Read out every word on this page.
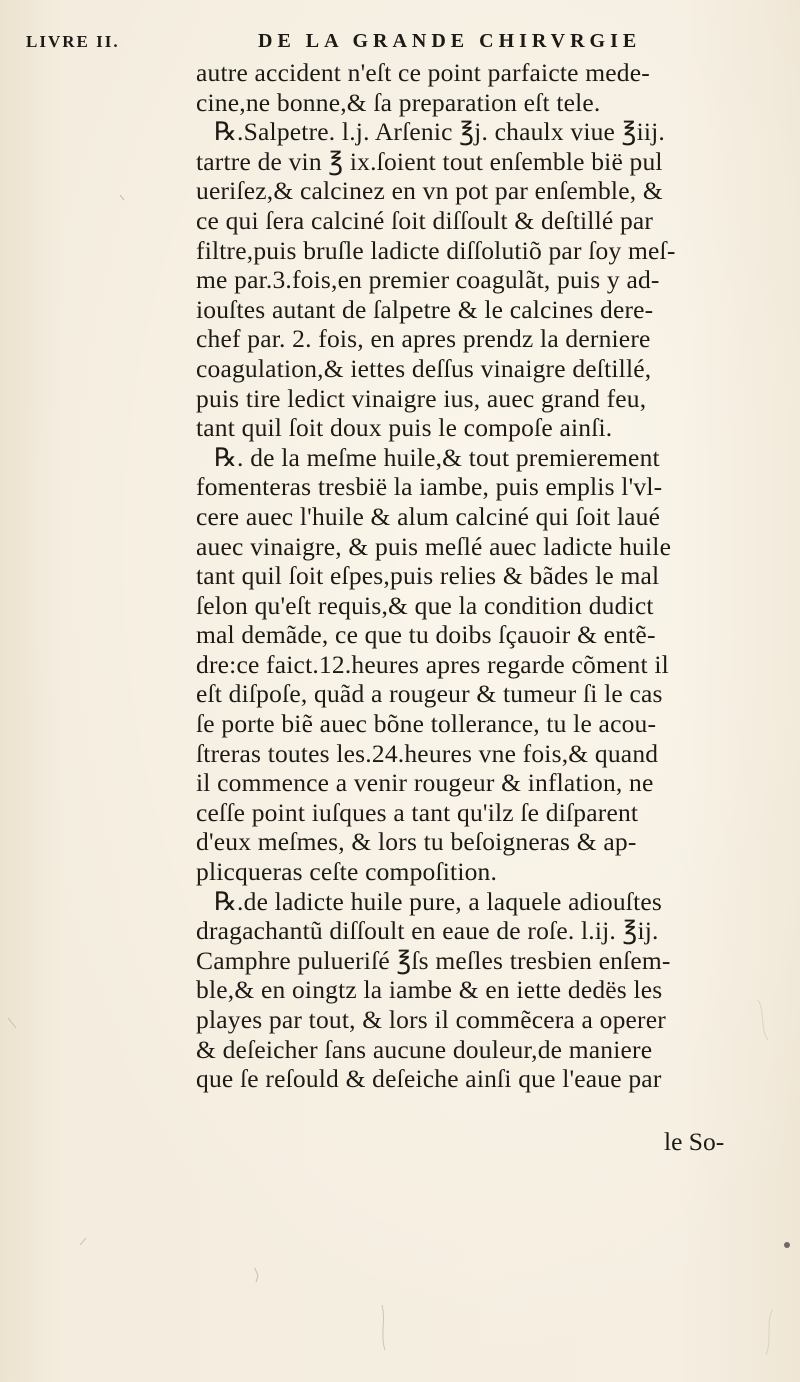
LIVRE II.	DE LA GRANDE CHIRVRGIE
autre accident n'eſt ce point parfaicte mede-
cine,ne bonne,& ſa preparation eſt tele.
℞.Salpetre. l.j. Arſenic ℥j. chaulx viue ℥iij.
tartre de vin ℥ ix.ſoient tout enſemble bië pul
ueriſez,& calcinez en vn pot par enſemble, &
ce qui ſera calciné ſoit diſſoult & deſtillé par
filtre,puis bruſle ladicte diſſolutiõ par ſoy meſ-
me par.3.fois,en premier coagulãt, puis y ad-
iouſtes autant de ſalpetre & le calcines dere-
chef par. 2. fois, en apres prendz la derniere
coagulation,& iettes deſſus vinaigre deſtillé,
puis tire ledict vinaigre ius, auec grand feu,
tant quil ſoit doux puis le compoſe ainſi.
℞. de la meſme huile,& tout premierement
fomenteras tresbië la iambe, puis emplis l'vl-
cere auec l'huile & alum calciné qui ſoit laué
auec vinaigre, & puis meſlé auec ladicte huile
tant quil ſoit eſpes,puis relies & bãdes le mal
ſelon qu'eſt requis,& que la condition dudict
mal demãde, ce que tu doibs ſçauoir & entẽ-
dre:ce faict.12.heures apres regarde cõment il
eſt diſpoſe, quãd a rougeur & tumeur ſi le cas
ſe porte biẽ auec bõne tollerance, tu le acou-
ſtreras toutes les.24.heures vne fois,& quand
il commence a venir rougeur & inflation, ne
ceſſe point iuſques a tant qu'ilz ſe diſparent
d'eux meſmes, & lors tu beſoigneras & ap-
plicqueras ceſte compoſition.
℞.de ladicte huile pure, a laquele adiouſtes
dragachantũ diſſoult en eaue de roſe. l.ij. ℥ij.
Camphre pulueriſé ℥ſs meſles tresbien enſem-
ble,& en oingtz la iambe & en iette dedës les
playes par tout, & lors il commẽcera a operer
& deſeicher ſans aucune douleur,de maniere
que ſe reſould & deſeiche ainſi que l'eaue par
le So-
